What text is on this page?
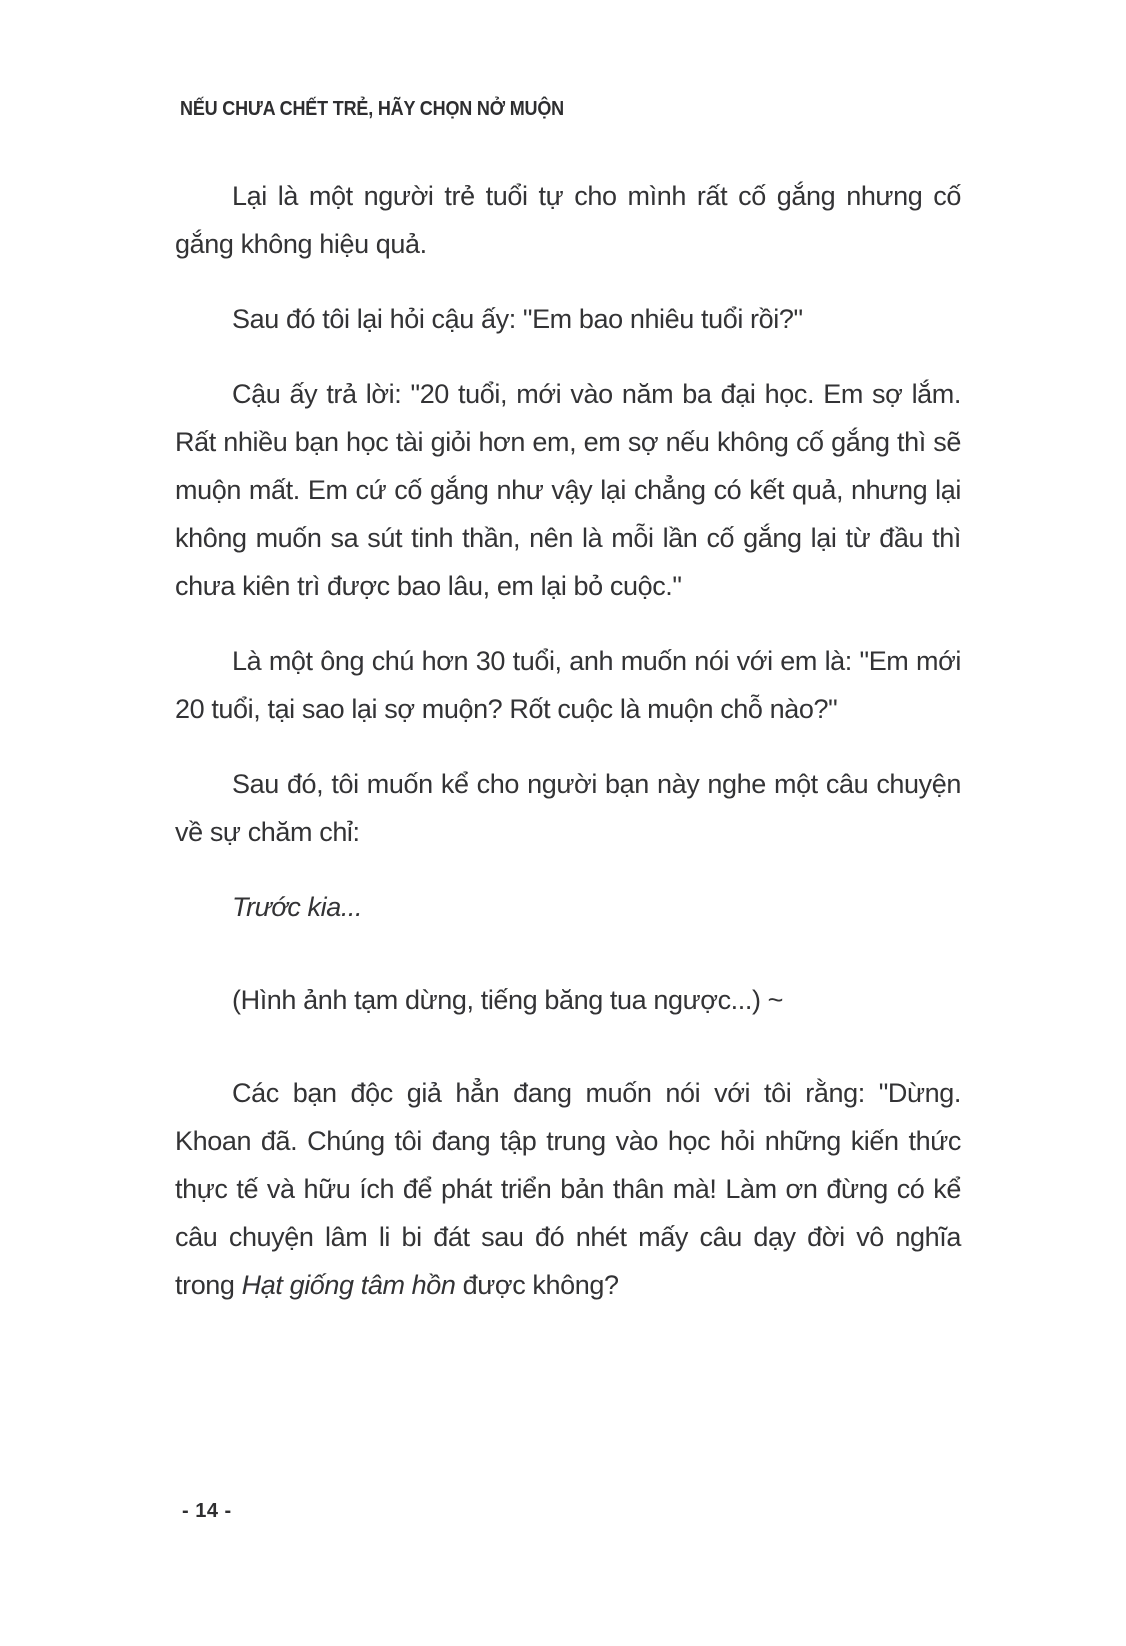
NẾU CHƯA CHẾT TRẺ, HÃY CHỌN NỞ MUỘN

Lại là một người trẻ tuổi tự cho mình rất cố gắng nhưng cố gắng không hiệu quả.

Sau đó tôi lại hỏi cậu ấy: "Em bao nhiêu tuổi rồi?"

Cậu ấy trả lời: "20 tuổi, mới vào năm ba đại học. Em sợ lắm. Rất nhiều bạn học tài giỏi hơn em, em sợ nếu không cố gắng thì sẽ muộn mất. Em cứ cố gắng như vậy lại chẳng có kết quả, nhưng lại không muốn sa sút tinh thần, nên là mỗi lần cố gắng lại từ đầu thì chưa kiên trì được bao lâu, em lại bỏ cuộc."

Là một ông chú hơn 30 tuổi, anh muốn nói với em là: "Em mới 20 tuổi, tại sao lại sợ muộn? Rốt cuộc là muộn chỗ nào?"

Sau đó, tôi muốn kể cho người bạn này nghe một câu chuyện về sự chăm chỉ:

Trước kia...

(Hình ảnh tạm dừng, tiếng băng tua ngược...) ~

Các bạn độc giả hẳn đang muốn nói với tôi rằng: "Dừng. Khoan đã. Chúng tôi đang tập trung vào học hỏi những kiến thức thực tế và hữu ích để phát triển bản thân mà! Làm ơn đừng có kể câu chuyện lâm li bi đát sau đó nhét mấy câu dạy đời vô nghĩa trong Hạt giống tâm hồn được không?

- 14 -
